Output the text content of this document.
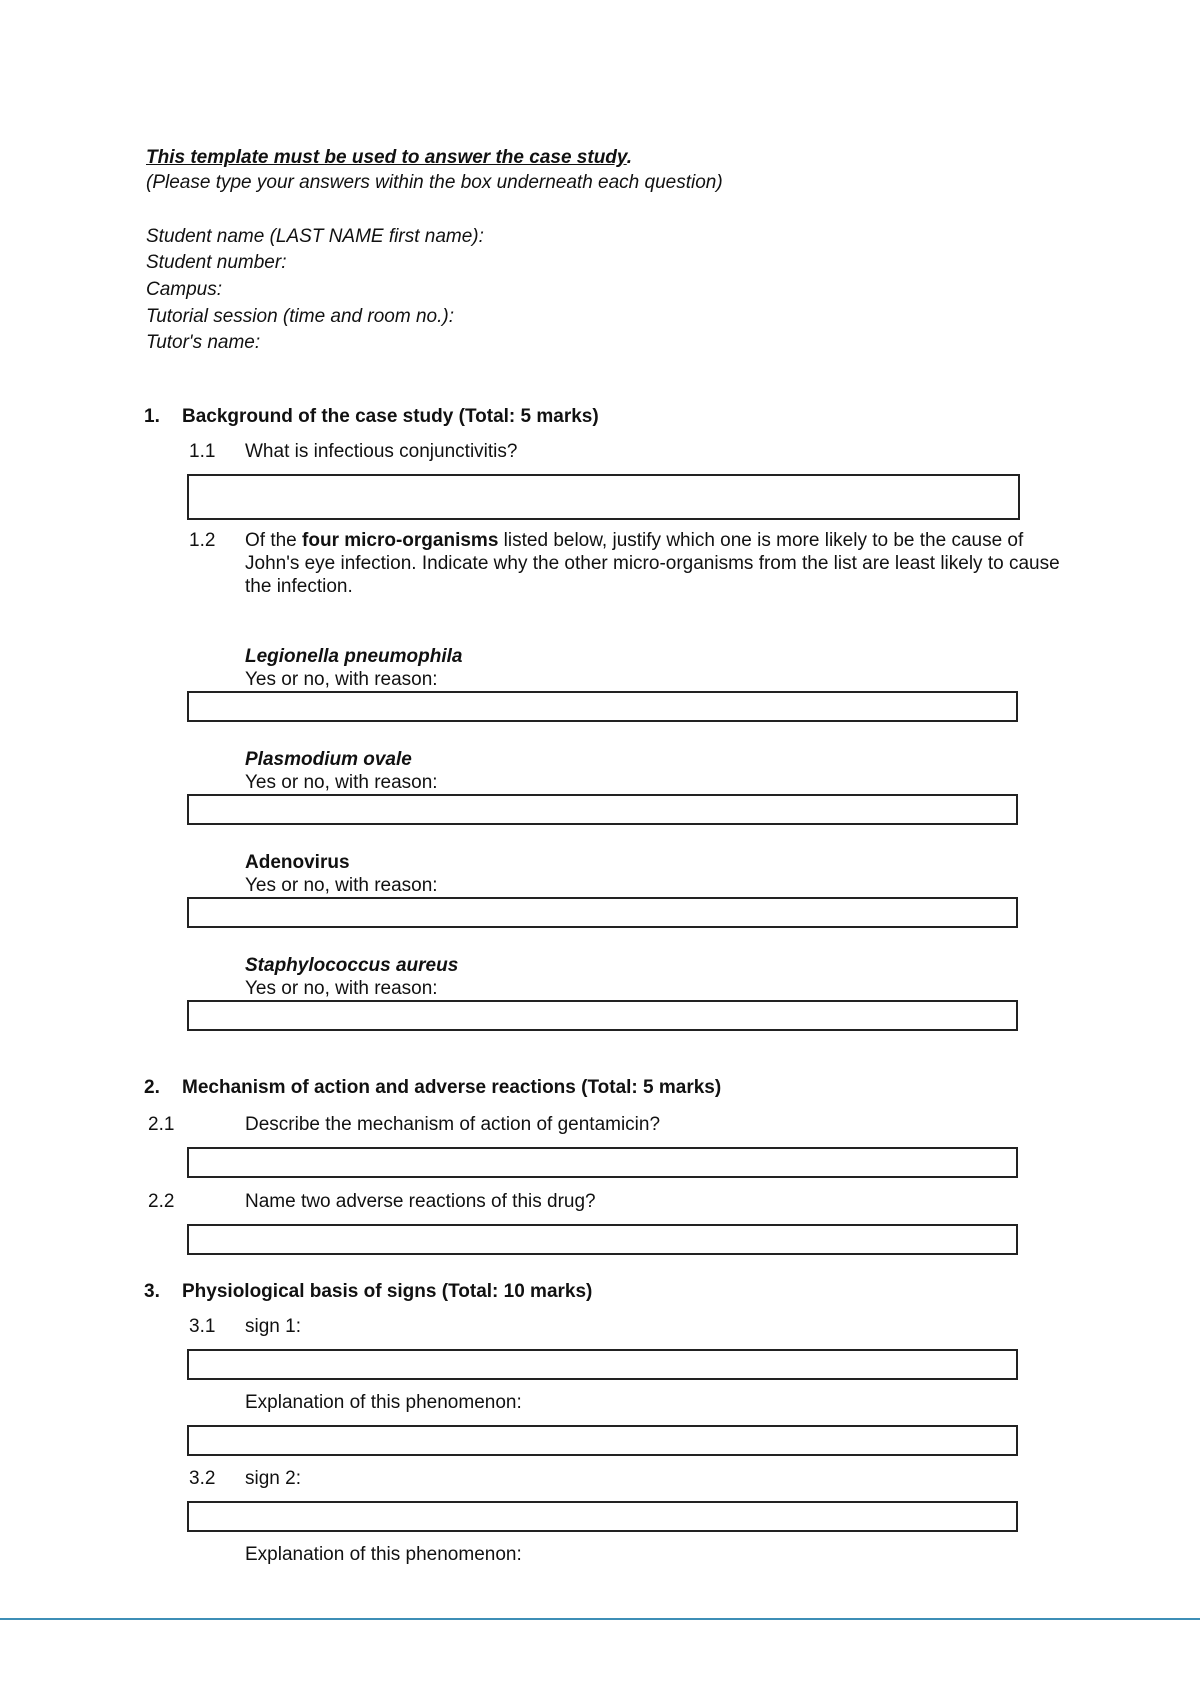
This template must be used to answer the case study.
(Please type your answers within the box underneath each question)
Student name (LAST NAME first name):
Student number:
Campus:
Tutorial session (time and room no.):
Tutor's name:
1. Background of the case study (Total: 5 marks)
1.1 What is infectious conjunctivitis?
1.2 Of the four micro-organisms listed below, justify which one is more likely to be the cause of John's eye infection. Indicate why the other micro-organisms from the list are least likely to cause the infection.
Legionella pneumophila
Yes or no, with reason:
Plasmodium ovale
Yes or no, with reason:
Adenovirus
Yes or no, with reason:
Staphylococcus aureus
Yes or no, with reason:
2. Mechanism of action and adverse reactions (Total: 5 marks)
2.1	Describe the mechanism of action of gentamicin?
2.2	Name two adverse reactions of this drug?
3. Physiological basis of signs (Total: 10 marks)
3.1 sign 1:
Explanation of this phenomenon:
3.2 sign 2:
Explanation of this phenomenon:
